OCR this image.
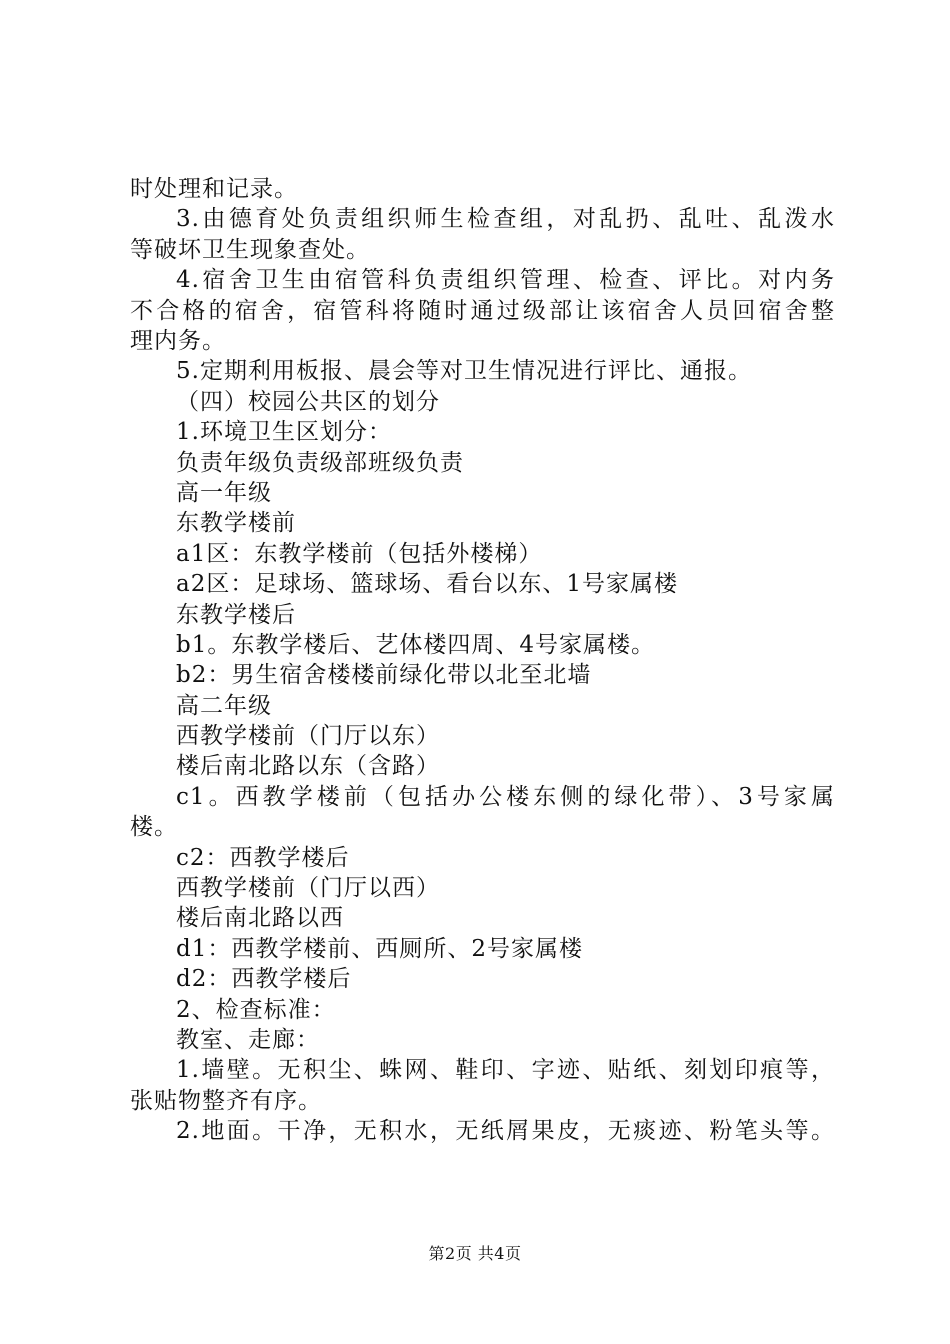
时处理和记录。
3.由德育处负责组织师生检查组，对乱扔、乱吐、乱泼水
等破坏卫生现象查处。
4.宿舍卫生由宿管科负责组织管理、检查、评比。对内务
不合格的宿舍，宿管科将随时通过级部让该宿舍人员回宿舍整
理内务。
5.定期利用板报、晨会等对卫生情况进行评比、通报。
（四）校园公共区的划分
1.环境卫生区划分：
负责年级负责级部班级负责
高一年级
东教学楼前
a1区：东教学楼前（包括外楼梯）
a2区：足球场、篮球场、看台以东、1号家属楼
东教学楼后
b1。东教学楼后、艺体楼四周、4号家属楼。
b2：男生宿舍楼楼前绿化带以北至北墙
高二年级
西教学楼前（门厅以东）
楼后南北路以东（含路）
c1。西教学楼前（包括办公楼东侧的绿化带）、3号家属
楼。
c2：西教学楼后
西教学楼前（门厅以西）
楼后南北路以西
d1：西教学楼前、西厕所、2号家属楼
d2：西教学楼后
2、检查标准：
教室、走廊：
1.墙壁。无积尘、蛛网、鞋印、字迹、贴纸、刻划印痕等，
张贴物整齐有序。
2.地面。干净，无积水，无纸屑果皮，无痰迹、粉笔头等。
第2页 共4页
